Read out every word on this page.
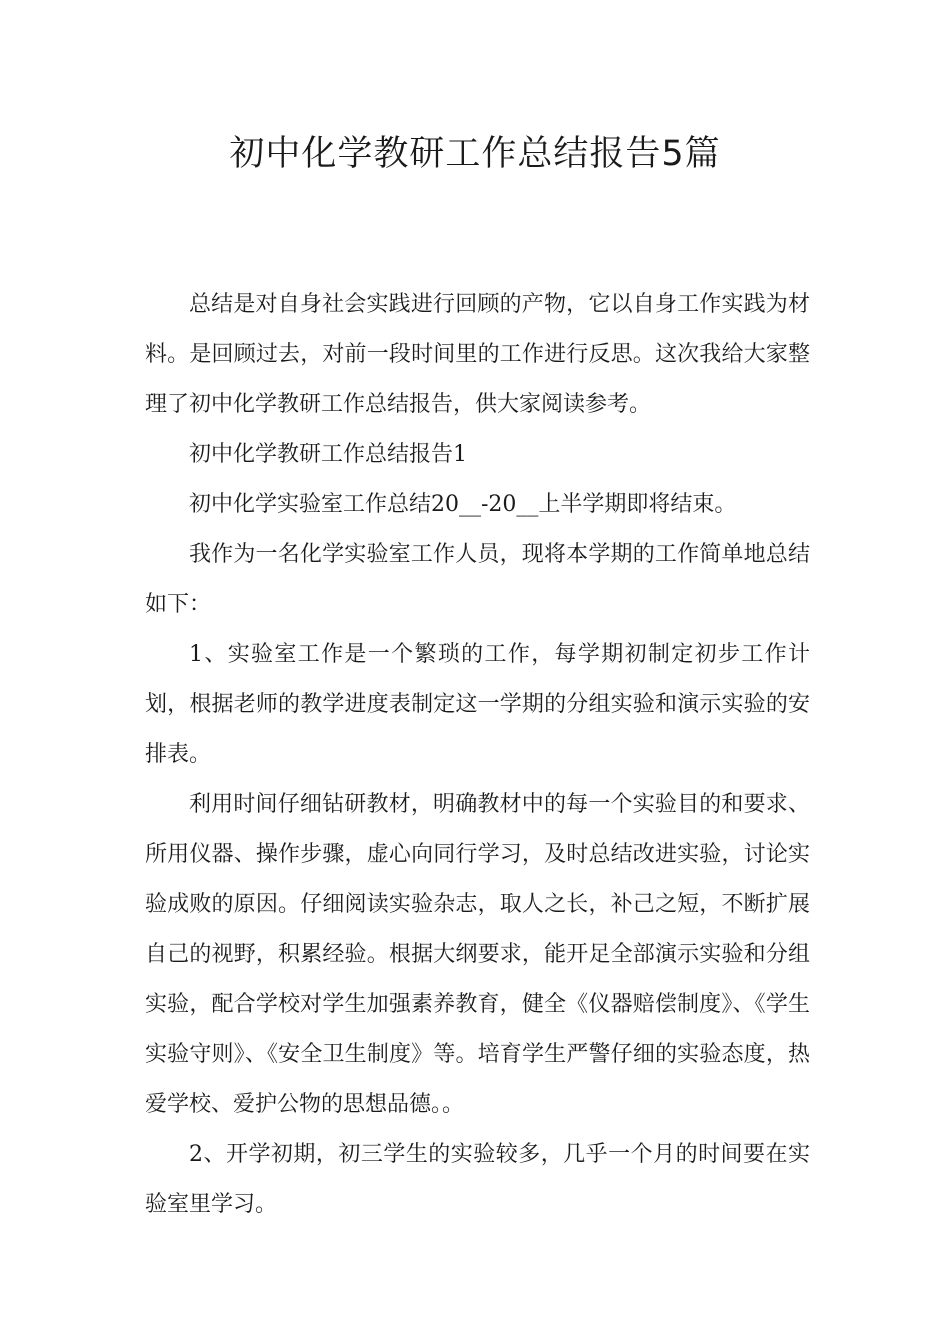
初中化学教研工作总结报告5篇

总结是对自身社会实践进行回顾的产物，它以自身工作实践为材料。是回顾过去，对前一段时间里的工作进行反思。这次我给大家整理了初中化学教研工作总结报告，供大家阅读参考。

初中化学教研工作总结报告1

初中化学实验室工作总结20__-20__上半学期即将结束。

我作为一名化学实验室工作人员，现将本学期的工作简单地总结如下：

1、实验室工作是一个繁琐的工作，每学期初制定初步工作计划，根据老师的教学进度表制定这一学期的分组实验和演示实验的安排表。

利用时间仔细钻研教材，明确教材中的每一个实验目的和要求、所用仪器、操作步骤，虚心向同行学习，及时总结改进实验，讨论实验成败的原因。仔细阅读实验杂志，取人之长，补己之短，不断扩展自己的视野，积累经验。根据大纲要求，能开足全部演示实验和分组实验，配合学校对学生加强素养教育，健全《仪器赔偿制度》、《学生实验守则》、《安全卫生制度》等。培育学生严警仔细的实验态度，热爱学校、爱护公物的思想品德。。

2、开学初期，初三学生的实验较多，几乎一个月的时间要在实验室里学习。
